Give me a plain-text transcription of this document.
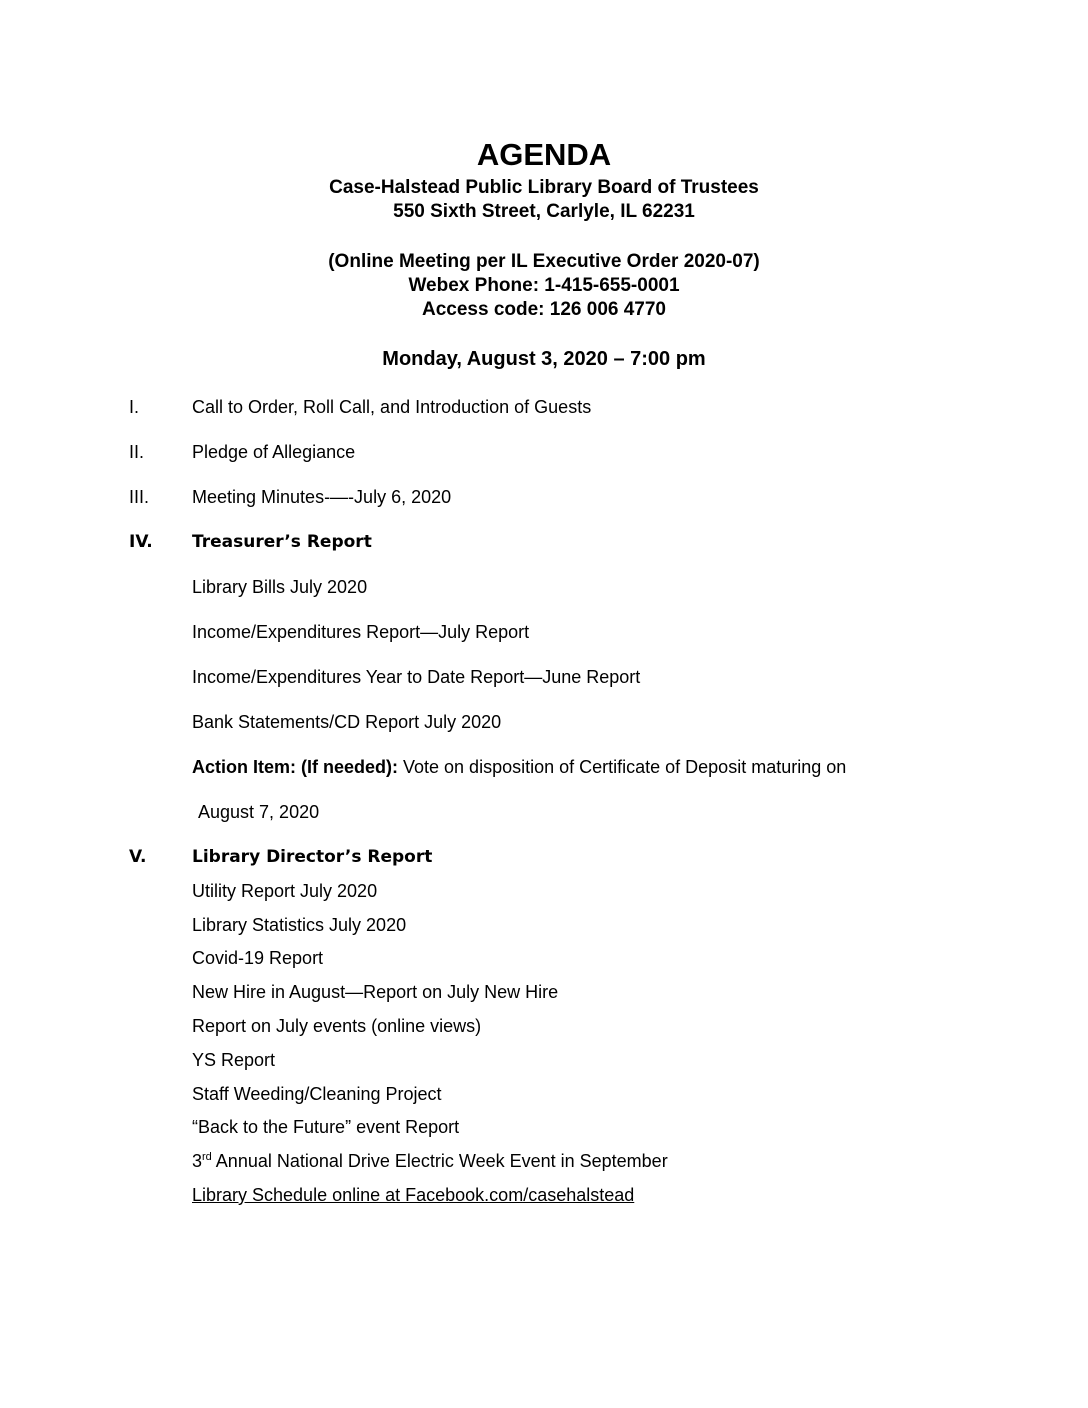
AGENDA
Case-Halstead Public Library Board of Trustees
550 Sixth Street, Carlyle, IL 62231
(Online Meeting per IL Executive Order 2020-07)
Webex Phone: 1-415-655-0001
Access code: 126 006 4770
Monday, August 3, 2020 – 7:00 pm
I.	Call to Order, Roll Call, and Introduction of Guests
II.	Pledge of Allegiance
III. Meeting Minutes-—-July 6, 2020
IV. Treasurer’s Report
Library Bills July 2020
Income/Expenditures Report—July Report
Income/Expenditures Year to Date Report—June Report
Bank Statements/CD Report July 2020
Action Item: (If needed): Vote on disposition of Certificate of Deposit maturing on
August 7, 2020
V.	Library Director’s Report
Utility Report July 2020
Library Statistics July 2020
Covid-19 Report
New Hire in August—Report on July New Hire
Report on July events (online views)
YS Report
Staff Weeding/Cleaning Project
“Back to the Future” event Report
3rd Annual National Drive Electric Week Event in September
Library Schedule online at Facebook.com/casehalstead
